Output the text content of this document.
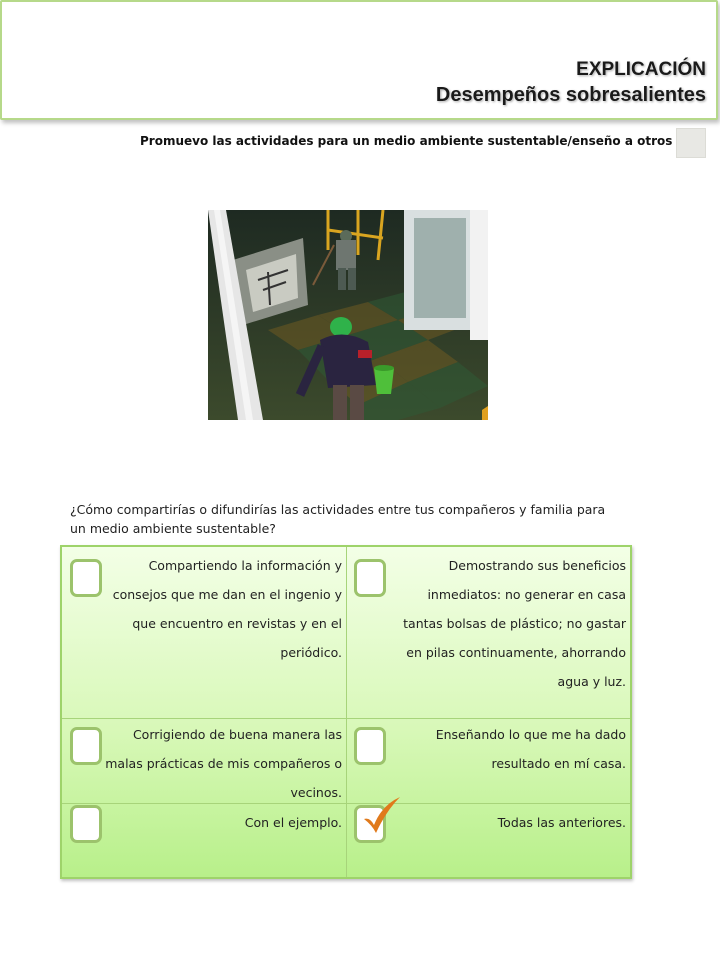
EXPLICACIÓN
Desempeños sobresalientes
Promuevo las actividades para un medio ambiente sustentable/enseño a otros
¿Cómo compartirías o difundirías las actividades entre tus compañeros y familia para un medio ambiente sustentable?
Compartiendo la información y consejos que me dan en el ingenio y que encuentro en revistas y en el periódico.
Demostrando sus beneficios inmediatos: no generar en casa tantas bolsas de plástico; no gastar en pilas continuamente, ahorrando agua y luz.
Corrigiendo de buena manera las malas prácticas de mis compañeros o vecinos.
Enseñando lo que me ha dado resultado en mí casa.
Con el ejemplo.	Todas las anteriores.
